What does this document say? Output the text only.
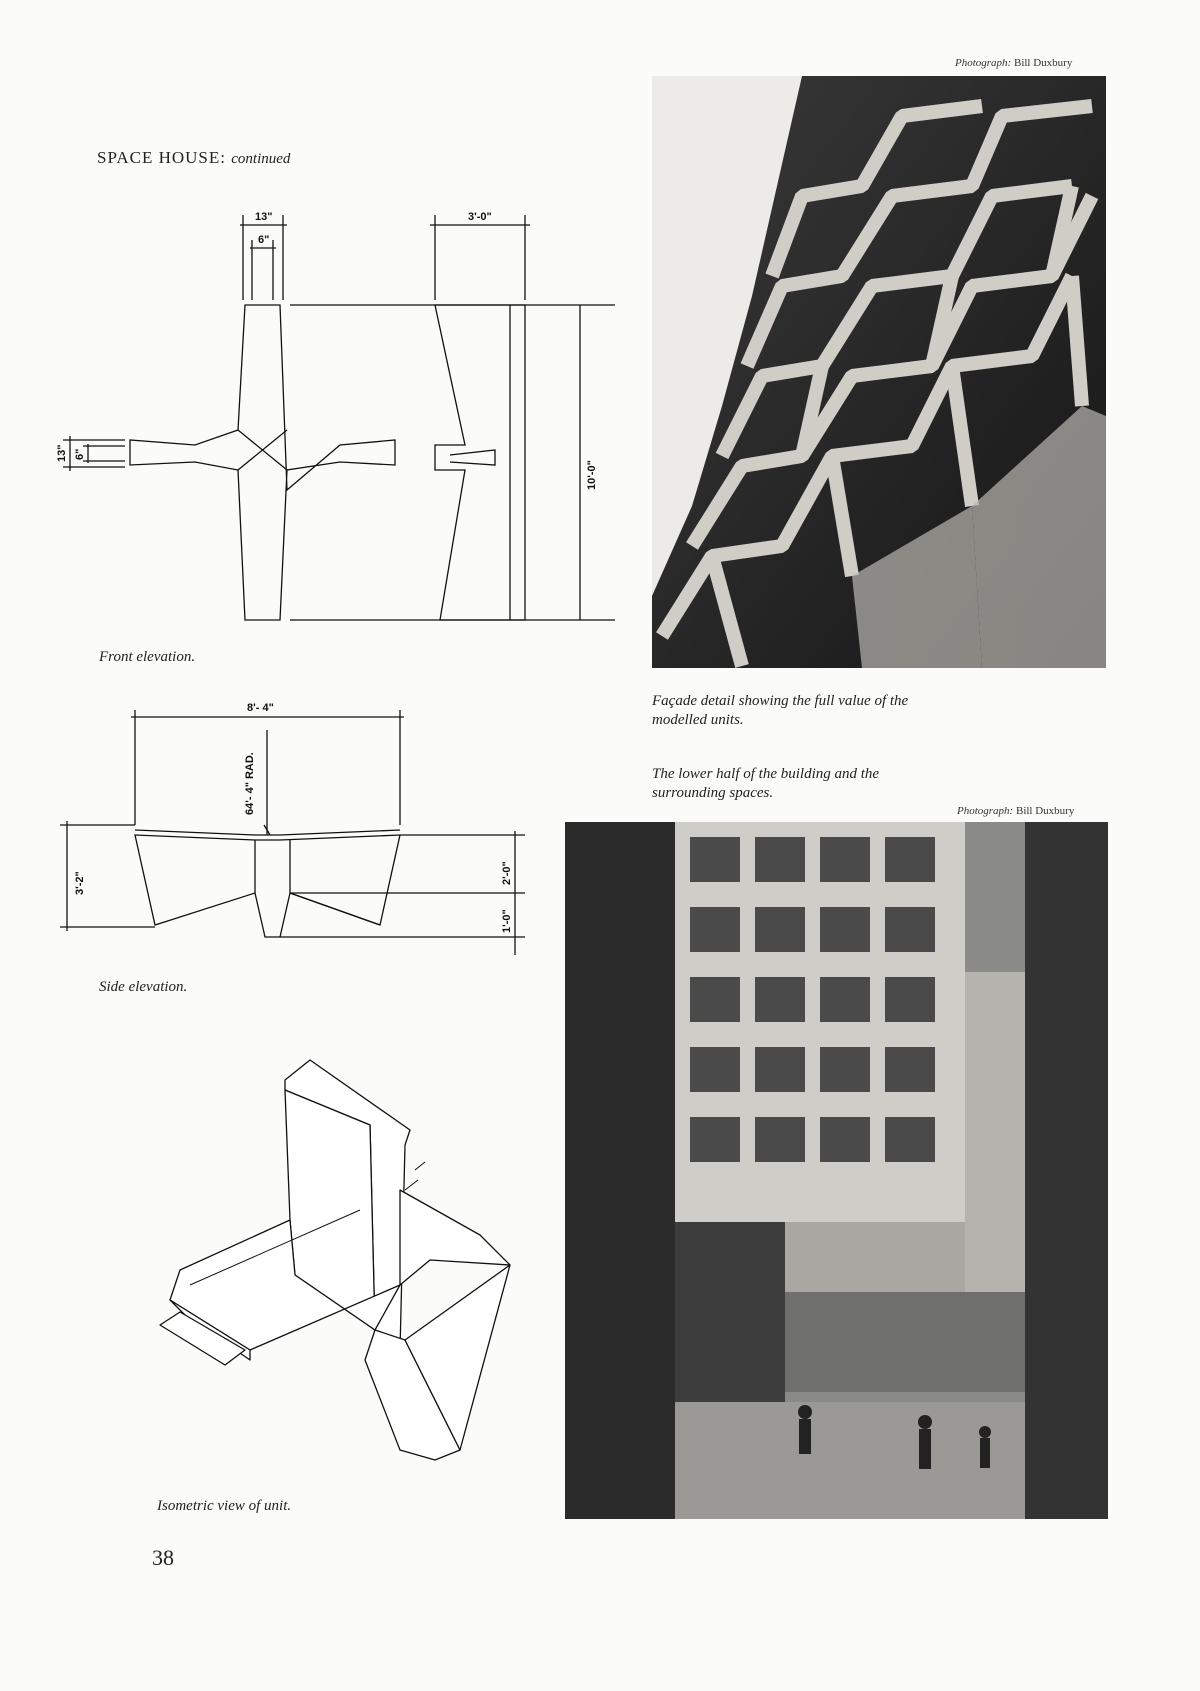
SPACE HOUSE: continued
Photograph: Bill Duxbury
Façade detail showing the full value of the modelled units.
The lower half of the building and the surrounding spaces.
Photograph: Bill Duxbury
13"
6"
3'-0"
10'-0"
13" 6"
Front elevation.
8'- 4"
64'- 4" RAD.
3'-2"	2'-0"
1'-0"
Side elevation.
Isometric view of unit.
38
